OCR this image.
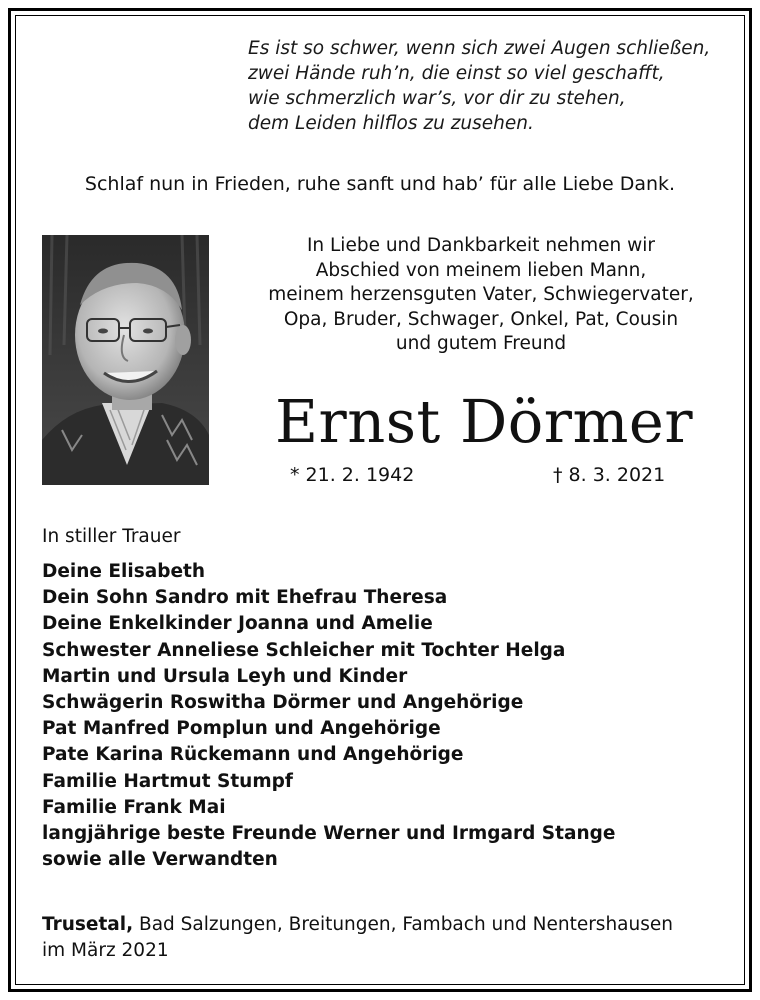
Es ist so schwer, wenn sich zwei Augen schließen,
zwei Hände ruh’n, die einst so viel geschafft,
wie schmerzlich war’s, vor dir zu stehen,
dem Leiden hilflos zu zusehen.
Schlaf nun in Frieden, ruhe sanft und hab’ für alle Liebe Dank.
In Liebe und Dankbarkeit nehmen wir
Abschied von meinem lieben Mann,
meinem herzensguten Vater, Schwiegervater,
Opa, Bruder, Schwager, Onkel, Pat, Cousin
und gutem Freund
Ernst Dörmer
* 21. 2. 1942	† 8. 3. 2021
In stiller Trauer
Deine Elisabeth
Dein Sohn Sandro mit Ehefrau Theresa
Deine Enkelkinder Joanna und Amelie
Schwester Anneliese Schleicher mit Tochter Helga
Martin und Ursula Leyh und Kinder
Schwägerin Roswitha Dörmer und Angehörige
Pat Manfred Pomplun und Angehörige
Pate Karina Rückemann und Angehörige
Familie Hartmut Stumpf
Familie Frank Mai
langjährige beste Freunde Werner und Irmgard Stange
sowie alle Verwandten
Trusetal, Bad Salzungen, Breitungen, Fambach und Nentershausen
im März 2021
